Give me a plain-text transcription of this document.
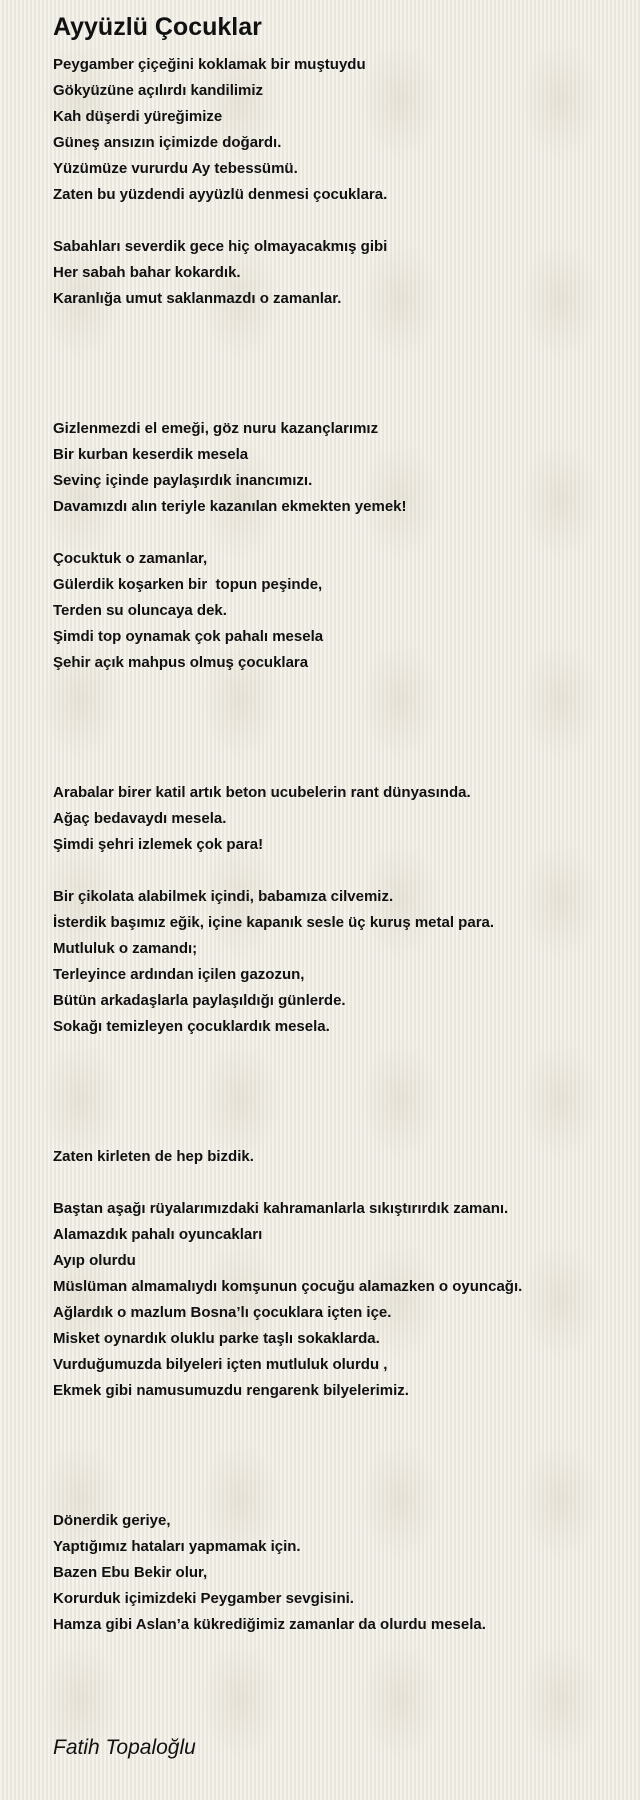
Ayyüzlü Çocuklar
Peygamber çiçeğini koklamak bir muştuydu
Gökyüzüne açılırdı kandilimiz
Kah düşerdi yüreğimize
Güneş ansızın içimizde doğardı.
Yüzümüze vururdu Ay tebessümü.
Zaten bu yüzdendi ayyüzlü denmesi çocuklara.
Sabahları severdik gece hiç olmayacakmış gibi
Her sabah bahar kokardık.
Karanlığa umut saklanmazdı o zamanlar.
Gizlenmezdi el emeği, göz nuru kazançlarımız
Bir kurban keserdik mesela
Sevinç içinde paylaşırdık inancımızı.
Davamızdı alın teriyle kazanılan ekmekten yemek!
Çocuktuk o zamanlar,
Gülerdik koşarken bir  topun peşinde,
Terden su oluncaya dek.
Şimdi top oynamak çok pahalı mesela
Şehir açık mahpus olmuş çocuklara
Arabalar birer katil artık beton ucubelerin rant dünyasında.
Ağaç bedavaydı mesela.
Şimdi şehri izlemek çok para!
Bir çikolata alabilmek içindi, babamıza cilvemiz.
İsterdik başımız eğik, içine kapanık sesle üç kuruş metal para.
Mutluluk o zamandı;
Terleyince ardından içilen gazozun,
Bütün arkadaşlarla paylaşıldığı günlerde.
Sokağı temizleyen çocuklardık mesela.
Zaten kirleten de hep bizdik.
Baştan aşağı rüyalarımızdaki kahramanlarla sıkıştırırdık zamanı.
Alamazdık pahalı oyuncakları
Ayıp olurdu
Müslüman almamalıydı komşunun çocuğu alamazken o oyuncağı.
Ağlardık o mazlum Bosna’lı çocuklara içten içe.
Misket oynardık oluklu parke taşlı sokaklarda.
Vurduğumuzda bilyeleri içten mutluluk olurdu ,
Ekmek gibi namusumuzdu rengarenk bilyelerimiz.
Dönerdik geriye,
Yaptığımız hataları yapmamak için.
Bazen Ebu Bekir olur,
Korurduk içimizdeki Peygamber sevgisini.
Hamza gibi Aslan’a kükrediğimiz zamanlar da olurdu mesela.
Fatih Topaloğlu
